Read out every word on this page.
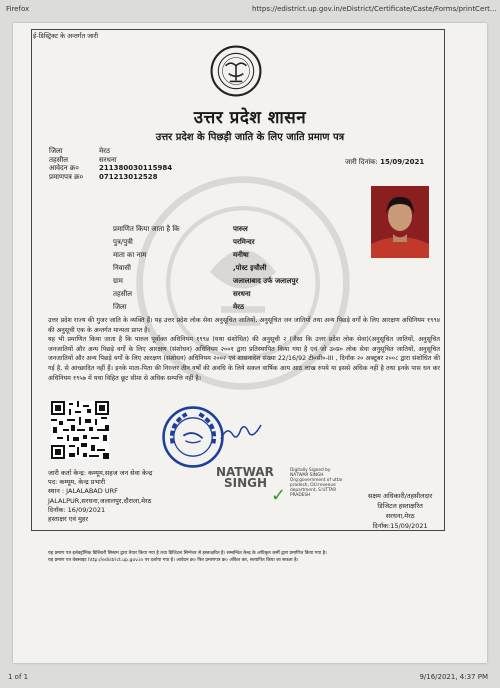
Firefox	https://edistrict.up.gov.in/eDistrict/Certificate/Caste/Forms/printCert...
ई-डिस्ट्रिक्ट के अन्तर्गत जारी
उत्तर प्रदेश शासन
उत्तर प्रदेश के पिछड़ी जाति के लिए जाति प्रमाण पत्र
जिला	मेरठ
तहसील	सरधना
आवेदन क्र०	211380030115984
प्रमाणपत्र क्र०	071213012528
जारी दिनांक: 15/09/2021
प्रमाणित किया जाता है कि	पारुल
पुत्र/पुत्री	परमिन्दर
माता का नाम	मनीषा
निवासी	,पोस्ट इचौली
ग्राम	जलालाबाद उर्फ जलालपुर
तहसील	सरधना
जिला	मेरठ
उत्तर प्रदेश राज्य की गुजर जाति के व्यक्ति हैं। यह उत्तर प्रदेश लोक सेवा अनुसूचित जातियों, अनुसूचित जन जातियों तथा अन्य पिछड़े वर्गों के लिए आरक्षण अधिनियम १९९४ की अनुसूची एक के अन्तर्गत मान्यता प्राप्त है।
यह भी प्रमाणित किया जाता है कि पारुल पूर्वोक्त अधिनियम १९९४ (यथा संशोधित) की अनुसूची २ (जैसा कि उत्तर प्रदेश लोक सेवा)(अनुसूचित जातियों, अनुसूचित जनजातियों और अन्य पिछड़े वर्गों के लिए आरक्षण (संशोधन) अधिनियम २००१ द्वारा प्रतिस्थापित किया गया है एवं जो उ०प्र० लोक सेवा अनुसूचित जातियों, अनुसूचित जनजातियों और अन्य पिछड़े वर्गों के लिए आरक्षण (संशोधन) अधिनियम २००२ एवं शासनादेश संख्या 22/16/92 टी०सी०-III , दिनॉक २० अक्टूबर २००८ द्वारा संशोधित की गई है, से आच्छादित नहीं हैं। इनके माता-पिता की निरन्तर तीन वर्षों की अवधि के लिये सकल वार्षिक आय आठ लाख रुपये या इससे अधिक नहीं है तथा इनके पास धन कर अधिनियम १९५७ में यथा विहित छूट सीमा से अधिक सम्पत्ति नहीं है।
NATWAR
SINGH
✓
Digitally Signed by NATWAR SINGH Org:government of uttar pradesh, OU:revenue department, S:UTTAR PRADESH
जारी कर्ता केन्द्र: कम्यूम,सहज जन सेवा केन्द्र
पद: कम्यूम, केन्द्र प्रभारी
स्थान : JALALABAD URF
JALALPUR,सरधना,जलालपुर,दौराला,मेरठ
दिनॉक: 16/09/2021
हस्ताक्षर एवं मुहर
सक्षम अधिकारी/तहसीलदार
डिजिटल हस्ताक्षरित
सरधना,मेरठ
दिनॉक:15/09/2021
यह प्रमाण पत्र इलेक्ट्रॉनिक डिलिवरी सिस्टम द्वारा तैयार किया गया है तथा डिजिटल सिग्नेचर से हस्ताक्षरित है। सम्बन्धित केन्द्र के अधिकृत कर्मी द्वारा प्रमाणित किया गया है।
यह प्रमाण पत्र वेबसाइट http://edistrict.up.gov.in पर दर्शाया गया है। आवेदन क्र० फिर प्रमाणपत्र क्र० अंकित कर, सत्यापित किया जा सकता है।
1 of 1	9/16/2021, 4:37 PM
